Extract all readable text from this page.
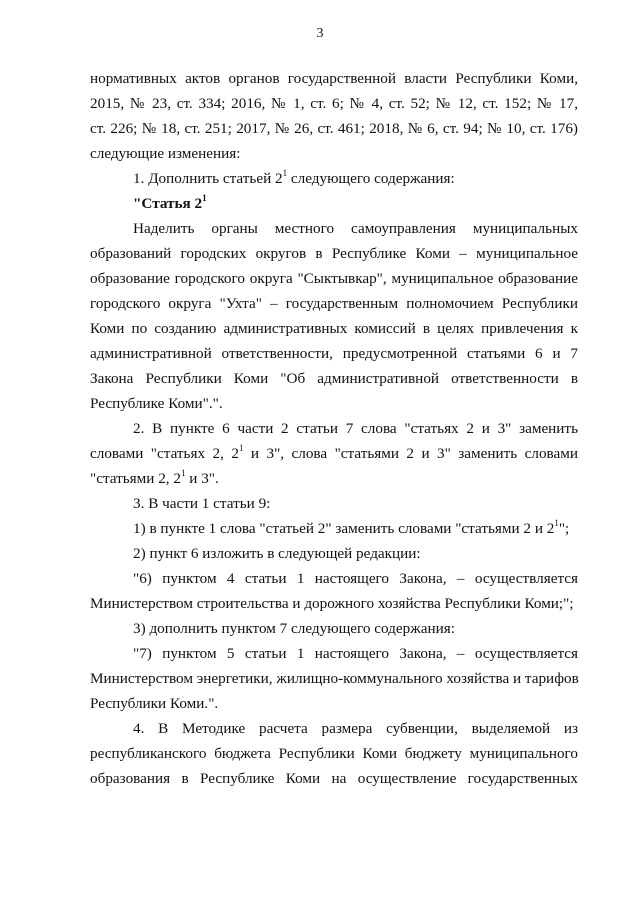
3
нормативных актов органов государственной власти Республики Коми,
2015, № 23, ст. 334; 2016, № 1, ст. 6; № 4, ст. 52; № 12, ст. 152; № 17,
ст. 226; № 18, ст. 251; 2017, № 26, ст. 461; 2018, № 6, ст. 94; № 10, ст. 176)
следующие изменения:
1. Дополнить статьей $2^1$ следующего содержания:
"Статья $2^1$
Наделить органы местного самоуправления муниципальных
образований городских округов в Республике Коми – муниципальное
образование городского округа "Сыктывкар", муниципальное образование
городского округа "Ухта" – государственным полномочием Республики
Коми по созданию административных комиссий в целях привлечения к
административной ответственности, предусмотренной статьями 6 и 7
Закона Республики Коми "Об административной ответственности в
Республике Коми".".
2. В пункте 6 части 2 статьи 7 слова "статьях 2 и 3" заменить
словами "статьях 2, $2^1$ и 3", слова "статьями 2 и 3" заменить словами
"статьями 2, $2^1$ и 3".
3. В части 1 статьи 9:
1) в пункте 1 слова "статьей 2" заменить словами "статьями 2 и $2^1$";
2) пункт 6 изложить в следующей редакции:
"6) пунктом 4 статьи 1 настоящего Закона, – осуществляется
Министерством строительства и дорожного хозяйства Республики Коми;";
3) дополнить пунктом 7 следующего содержания:
"7) пунктом 5 статьи 1 настоящего Закона, – осуществляется
Министерством энергетики, жилищно-коммунального хозяйства и тарифов
Республики Коми.".
4. В Методике расчета размера субвенции, выделяемой из
республиканского бюджета Республики Коми бюджету муниципального
образования в Республике Коми на осуществление государственных
